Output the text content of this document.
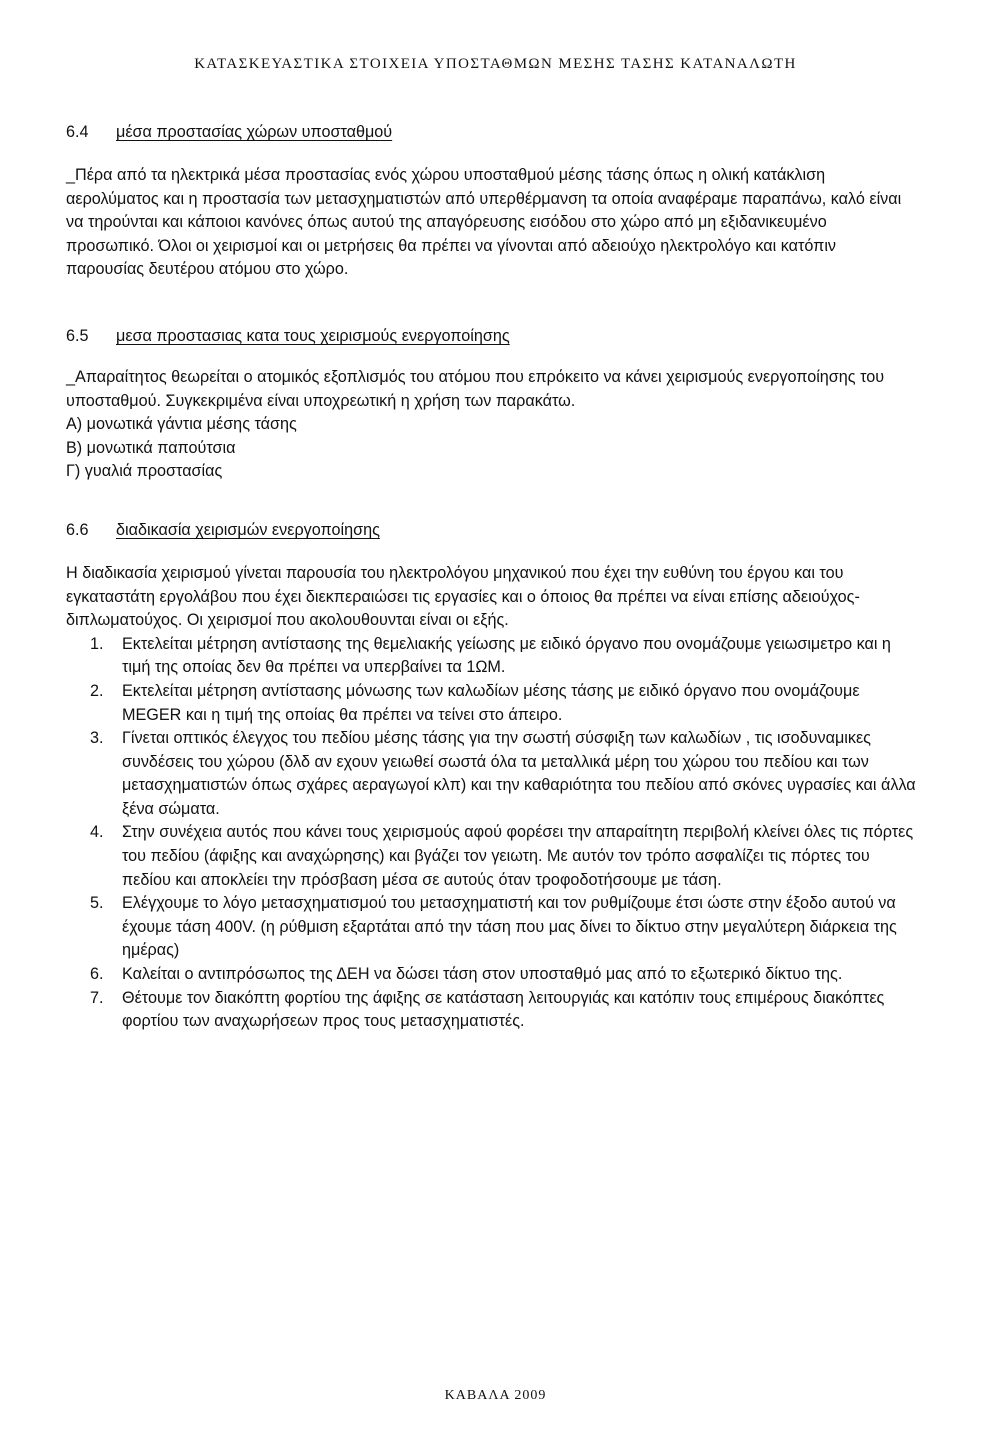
ΚΑΤΑΣΚΕΥΑΣΤΙΚΑ ΣΤΟΙΧΕΙΑ ΥΠΟΣΤΑΘΜΩΝ ΜΕΣΗΣ ΤΑΣΗΣ ΚΑΤΑΝΑΛΩΤΗ

6.4 μέσα προστασίας χώρων υποσταθμού

_Πέρα από τα ηλεκτρικά μέσα προστασίας ενός χώρου υποσταθμού μέσης τάσης όπως η ολική κατάκλιση αερολύματος και η προστασία των μετασχηματιστών από υπερθέρμανση τα οποία αναφέραμε παραπάνω, καλό είναι να τηρούνται και κάποιοι κανόνες όπως αυτού της απαγόρευσης εισόδου στο χώρο από μη εξιδανικευμένο προσωπικό. Όλοι οι χειρισμοί και οι μετρήσεις θα πρέπει να γίνονται από αδειούχο ηλεκτρολόγο και κατόπιν παρουσίας δευτέρου ατόμου στο χώρο.

6.5 μεσα προστασιας κατα τους χειρισμούς ενεργοποίησης

_Απαραίτητος θεωρείται ο ατομικός εξοπλισμός του ατόμου που επρόκειτο να κάνει χειρισμούς ενεργοποίησης του υποσταθμού. Συγκεκριμένα είναι υποχρεωτική η χρήση των παρακάτω.

Α) μονωτικά γάντια μέσης τάσης

Β) μονωτικά παπούτσια

Γ) γυαλιά προστασίας

6.6 διαδικασία χειρισμών ενεργοποίησης

Η διαδικασία χειρισμού γίνεται παρουσία του ηλεκτρολόγου μηχανικού που έχει την ευθύνη του έργου και του εγκαταστάτη εργολάβου που έχει διεκπεραιώσει τις εργασίες και ο όποιος θα πρέπει να είναι επίσης αδειούχος-διπλωματούχος. Οι χειρισμοί που ακολουθουνται είναι οι εξής.

1.	Εκτελείται μέτρηση αντίστασης της θεμελιακής γείωσης με ειδικό όργανο που ονομάζουμε γειωσιμετρο και η τιμή της οποίας δεν θα πρέπει να υπερβαίνει τα 1ΩΜ.
2.	Εκτελείται μέτρηση αντίστασης μόνωσης των καλωδίων μέσης τάσης με ειδικό όργανο που ονομάζουμε MEGER και η τιμή της οποίας θα πρέπει να τείνει στο άπειρο.
3.	Γίνεται οπτικός έλεγχος του πεδίου μέσης τάσης για την σωστή σύσφιξη των καλωδίων , τις ισοδυναμικες συνδέσεις του χώρου (δλδ αν εχουν γειωθεί σωστά όλα τα μεταλλικά μέρη του χώρου του πεδίου και των μετασχηματιστών όπως σχάρες αεραγωγοί κλπ) και την καθαριότητα του πεδίου από σκόνες υγρασίες και άλλα ξένα σώματα.
4.	Στην συνέχεια αυτός που κάνει τους χειρισμούς αφού φορέσει την απαραίτητη περιβολή κλείνει όλες τις πόρτες του πεδίου (άφιξης και αναχώρησης) και βγάζει τον γειωτη. Με αυτόν τον τρόπο ασφαλίζει τις πόρτες του πεδίου και αποκλείει την πρόσβαση μέσα σε αυτούς όταν τροφοδοτήσουμε με τάση.
5.	Ελέγχουμε το λόγο μετασχηματισμού του μετασχηματιστή και τον ρυθμίζουμε έτσι ώστε στην έξοδο αυτού να έχουμε τάση 400V. (η ρύθμιση εξαρτάται από την τάση που μας δίνει το δίκτυο στην μεγαλύτερη διάρκεια της ημέρας)
6.	Καλείται ο αντιπρόσωπος της ΔΕΗ να δώσει τάση στον υποσταθμό μας από το εξωτερικό δίκτυο της.
7.	Θέτουμε τον διακόπτη φορτίου της άφιξης σε κατάσταση λειτουργιάς και κατόπιν τους επιμέρους διακόπτες φορτίου των αναχωρήσεων προς τους μετασχηματιστές.
ΚΑΒΑΛΑ 2009
